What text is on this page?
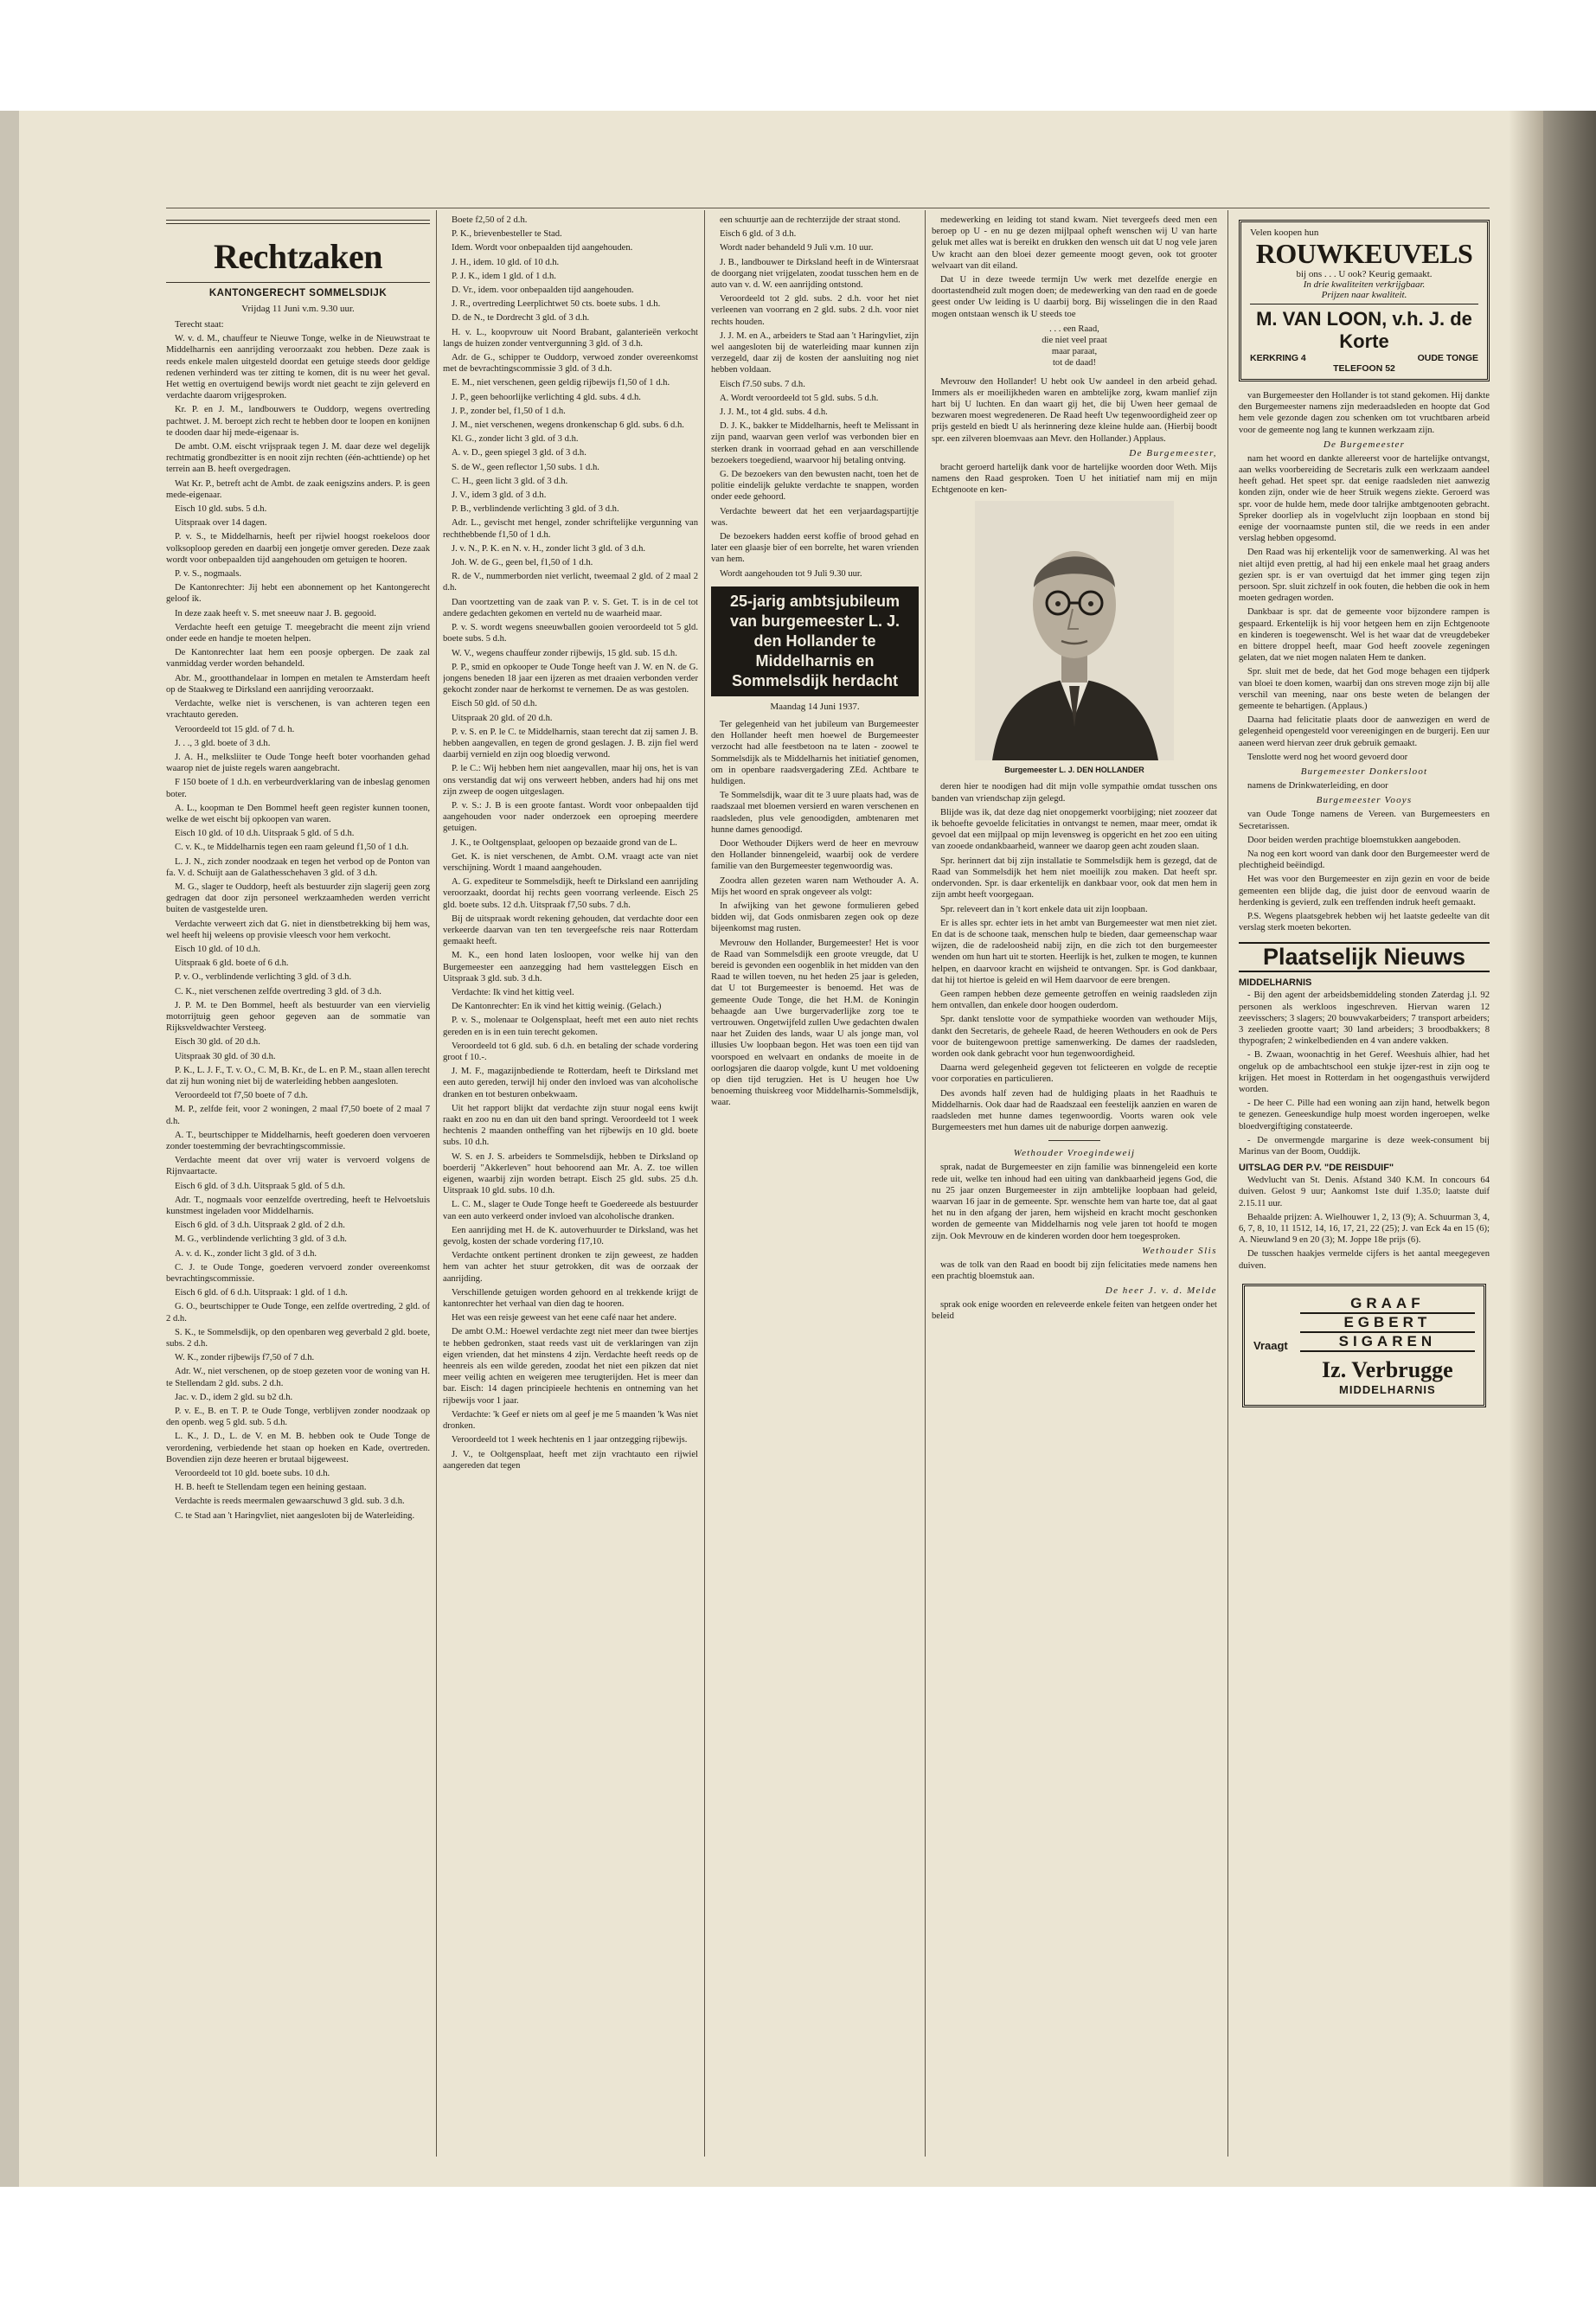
Rechtzaken
KANTONGERECHT SOMMELSDIJK
Vrijdag 11 Juni v.m. 9.30 uur.

Terecht staat:

W. v. d. M., chauffeur te Nieuwe Tonge, welke in de Nieuwstraat te Middelharnis een aanrijding veroorzaakt zou hebben. Deze zaak is reeds enkele malen uitgesteld doordat een getuige steeds door geldige redenen verhinderd was ter zitting te komen, dit is nu weer het geval. Het wettig en overtuigend bewijs wordt niet geacht te zijn geleverd en verdachte daarom vrijgesproken.

Kr. P. en J. M., landbouwers te Ouddorp, wegens overtreding pachtwet. J. M. beroept zich recht te hebben door te loopen en konijnen te dooden daar hij mede-eigenaar is.

De ambt. O.M. eischt vrijspraak tegen J. M. daar deze wel degelijk rechtmatig grondbezitter is en nooit zijn rechten (één-achttiende) op het terrein aan B. heeft overgedragen.

Wat Kr. P., betreft acht de Ambt. de zaak eenigszins anders. P. is geen mede-eigenaar.

Eisch 10 gld. subs. 5 d.h.

Uitspraak over 14 dagen.

P. v. S., te Middelharnis, heeft per rijwiel hoogst roekeloos door volksoploop gereden en daarbij een jongetje omver gereden. Deze zaak wordt voor onbepaalden tijd aangehouden om getuigen te hooren.

P. v. S., nogmaals.

De Kantonrechter: Jij hebt een abonnement op het Kantongerecht geloof ik.

In deze zaak heeft v. S. met sneeuw naar J. B. gegooid.

Verdachte heeft een getuige T. meegebracht die meent zijn vriend onder eede en handje te moeten helpen.

De Kantonrechter laat hem een poosje opbergen. De zaak zal vanmiddag verder worden behandeld.

Abr. M., grootthandelaar in lompen en metalen te Amsterdam heeft op de Staakweg te Dirksland een aanrijding veroorzaakt.

Verdachte, welke niet is verschenen, is van achteren tegen een vrachtauto gereden.

Veroordeeld tot 15 gld. of 7 d. h.

J. . ., 3 gld. boete of 3 d.h.

J. A. H., melksliiter te Oude Tonge heeft boter voorhanden gehad waarop niet de juiste regels waren aangebracht.

F 150 boete of 1 d.h. en verbeurdverklaring van de inbeslag genomen boter.

A. L., koopman te Den Bommel heeft geen register kunnen toonen, welke de wet eischt bij opkoopen van waren.

Eisch 10 gld. of 10 d.h. Uitspraak 5 gld. of 5 d.h.

C. v. K., te Middelharnis tegen een raam geleund f1,50 of 1 d.h.

L. J. N., zich zonder noodzaak en tegen het verbod op de Ponton van fa. V. d. Schuijt aan de Galathesschehaven 3 gld. of 3 d.h.

M. G., slager te Ouddorp, heeft als bestuurder zijn slagerij geen zorg gedragen dat door zijn personeel werkzaamheden werden verricht buiten de vastgestelde uren.

Verdachte verweert zich dat G. niet in dienstbetrekking bij hem was, wel heeft hij weleens op provisie vleesch voor hem verkocht.

Eisch 10 gld. of 10 d.h.

Uitspraak 6 gld. boete of 6 d.h.

P. v. O., verblindende verlichting 3 gld. of 3 d.h.

C. K., niet verschenen zelfde overtreding 3 gld. of 3 d.h.

J. P. M. te Den Bommel, heeft als bestuurder van een viervielig motorrijtuig geen gehoor gegeven aan de sommatie van Rijksveldwachter Versteeg.

Eisch 30 gld. of 20 d.h.

Uitspraak 30 gld. of 30 d.h.

P. K., L. J. F., T. v. O., C. M, B. Kr., de L. en P. M., staan allen terecht dat zij hun woning niet bij de waterleiding hebben aangesloten.

Veroordeeld tot f7,50 boete of 7 d.h.

M. P., zelfde feit, voor 2 woningen, 2 maal f7,50 boete of 2 maal 7 d.h.

A. T., beurtschipper te Middelharnis, heeft goederen doen vervoeren zonder toestemming der bevrachtingscommissie.

Verdachte meent dat over vrij water is vervoerd volgens de Rijnvaartacte.

Eisch 6 gld. of 3 d.h. Uitspraak 5 gld. of 5 d.h.

Adr. T., nogmaals voor eenzelfde overtreding, heeft te Helvoetsluis kunstmest ingeladen voor Middelharnis.

Eisch 6 gld. of 3 d.h. Uitspraak 2 gld. of 2 d.h.

M. G., verblindende verlichting 3 gld. of 3 d.h.

A. v. d. K., zonder licht 3 gld. of 3 d.h.

C. J. te Oude Tonge, goederen vervoerd zonder overeenkomst bevrachtingscommissie.

Eisch 6 gld. of 6 d.h. Uitspraak: 1 gld. of 1 d.h.

G. O., beurtschipper te Oude Tonge, een zelfde overtreding, 2 gld. of 2 d.h.

S. K., te Sommelsdijk, op den openbaren weg geverbald 2 gld. boete, subs. 2 d.h.

W. K., zonder rijbewijs f7,50 of 7 d.h.

Adr. W., niet verschenen, op de stoep gezeten voor de woning van H. te Stellendam 2 gld. subs. 2 d.h.

Jac. v. D., idem 2 gld. su b2 d.h.

P. v. E., B. en T. P. te Oude Tonge, verblijven zonder noodzaak op den openb. weg 5 gld. sub. 5 d.h.

L. K., J. D., L. de V. en M. B. hebben ook te Oude Tonge de verordening, verbiedende het staan op hoeken en Kade, overtreden. Bovendien zijn deze heeren er brutaal bijgeweest.

Veroordeeld tot 10 gld. boete subs. 10 d.h.

H. B. heeft te Stellendam tegen een heining gestaan.

Verdachte is reeds meermalen gewaarschuwd 3 gld. sub. 3 d.h.

C. te Stad aan 't Haringvliet, niet aangesloten bij de Waterleiding.

Boete f2,50 of 2 d.h.

P. K., brievenbesteller te Stad.

Idem. Wordt voor onbepaalden tijd aangehouden.

J. H., idem. 10 gld. of 10 d.h.

P. J. K., idem 1 gld. of 1 d.h.

D. Vr., idem. voor onbepaalden tijd aangehouden.

J. R., overtreding Leerplichtwet 50 cts. boete subs. 1 d.h.

D. de N., te Dordrecht 3 gld. of 3 d.h.

H. v. L., koopvrouw uit Noord Brabant, galanterieën verkocht langs de huizen zonder ventvergunning 3 gld. of 3 d.h.

Adr. de G., schipper te Ouddorp, verwoed zonder overeenkomst met de bevrachtingscommissie 3 gld. of 3 d.h.

E. M., niet verschenen, geen geldig rijbewijs f1,50 of 1 d.h.

J. P., geen behoorlijke verlichting 4 gld. subs. 4 d.h.

J. P., zonder bel, f1,50 of 1 d.h.

J. M., niet verschenen, wegens dronkenschap 6 gld. subs. 6 d.h.

Kl. G., zonder licht 3 gld. of 3 d.h.

A. v. D., geen spiegel 3 gld. of 3 d.h.

S. de W., geen reflector 1,50 subs. 1 d.h.

C. H., geen licht 3 gld. of 3 d.h.

J. V., idem 3 gld. of 3 d.h.

P. B., verblindende verlichting 3 gld. of 3 d.h.

Adr. L., gevischt met hengel, zonder schriftelijke vergunning van rechthebbende f1,50 of 1 d.h.

J. v. N., P. K. en N. v. H., zonder licht 3 gld. of 3 d.h.

Joh. W. de G., geen bel, f1,50 of 1 d.h.

R. de V., nummerborden niet verlicht, tweemaal 2 gld. of 2 maal 2 d.h.

Dan voortzetting van de zaak van P. v. S. Get. T. is in de cel tot andere gedachten gekomen en verteld nu de waarheid maar.

P. v. S. wordt wegens sneeuwballen gooien veroordeeld tot 5 gld. boete subs. 5 d.h.

W. V., wegens chauffeur zonder rijbewijs, 15 gld. sub. 15 d.h.

P. P., smid en opkooper te Oude Tonge heeft van J. W. en N. de G. jongens beneden 18 jaar een ijzeren as met draaien verbonden verder gekocht zonder naar de herkomst te vernemen. De as was gestolen.

Eisch 50 gld. of 50 d.h.

Uitspraak 20 gld. of 20 d.h.

P. v. S. en P. le C. te Middelharnis, staan terecht dat zij samen J. B. hebben aangevallen, en tegen de grond geslagen. J. B. zijn fiel werd daarbij vernield en zijn oog bloedig verwond.

P. le C.: Wij hebben hem niet aangevallen, maar hij ons, het is van ons verstandig dat wij ons verweert hebben, anders had hij ons met zijn zweep de oogen uitgeslagen.

P. v. S.: J. B is een groote fantast. Wordt voor onbepaalden tijd aangehouden voor nader onderzoek een oproeping meerdere getuigen.

J. K., te Ooltgensplaat, geloopen op bezaaide grond van de L.

Get. K. is niet verschenen, de Ambt. O.M. vraagt acte van niet verschijning. Wordt 1 maand aangehouden.

A. G. expediteur te Sommelsdijk, heeft te Dirksland een aanrijding veroorzaakt, doordat hij rechts geen voorrang verleende. Eisch 25 gld. boete subs. 12 d.h. Uitspraak f7,50 subs. 7 d.h.

Bij de uitspraak wordt rekening gehouden, dat verdachte door een verkeerde daarvan van ten ten tevergeefsche reis naar Rotterdam gemaakt heeft.

M. K., een hond laten losloopen, voor welke hij van den Burgemeester een aanzegging had hem vastteleggen Eisch en Uitspraak 3 gld. sub. 3 d.h.

Verdachte: Ik vind het kittig veel.

De Kantonrechter: En ik vind het kittig weinig. (Gelach.)

P. v. S., molenaar te Oolgensplaat, heeft met een auto niet rechts gereden en is in een tuin terecht gekomen.

Veroordeeld tot 6 gld. sub. 6 d.h. en betaling der schade vordering groot f 10.-.

J. M. F., magazijnbediende te Rotterdam, heeft te Dirksland met een auto gereden, terwijl hij onder den invloed was van alcoholische dranken en tot besturen onbekwaam.

Uit het rapport blijkt dat verdachte zijn stuur nogal eens kwijt raakt en zoo nu en dan uit den band springt. Veroordeeld tot 1 week hechtenis 2 maanden ontheffing van het rijbewijs en 10 gld. boete subs. 10 d.h.

W. S. en J. S. arbeiders te Sommelsdijk, hebben te Dirksland op boerderij "Akkerleven" hout behoorend aan Mr. A. Z. toe willen eigenen, waarbij zijn worden betrapt. Eisch 25 gld. subs. 25 d.h. Uitspraak 10 gld. subs. 10 d.h.

L. C. M., slager te Oude Tonge heeft te Goedereede als bestuurder van een auto verkeerd onder invloed van alcoholische dranken.

Een aanrijding met H. de K. autoverhuurder te Dirksland, was het gevolg, kosten der schade vordering f17,10.

Verdachte ontkent pertinent dronken te zijn geweest, ze hadden hem van achter het stuur getrokken, dit was de oorzaak der aanrijding.

Verschillende getuigen worden gehoord en al trekkende krijgt de kantonrechter het verhaal van dien dag te hooren.

Het was een reisje geweest van het eene café naar het andere.

De ambt O.M.: Hoewel verdachte zegt niet meer dan twee biertjes te hebben gedronken, staat reeds vast uit de verklaringen van zijn eigen vrienden, dat het minstens 4 zijn. Verdachte heeft reeds op de heenreis als een wilde gereden, zoodat het niet een pikzen dat niet meer veilig achten en weigeren mee terugterijden. Het is meer dan bar. Eisch: 14 dagen principieele hechtenis en ontneming van het rijbewijs voor 1 jaar.

Verdachte: 'k Geef er niets om al geef je me 5 maanden 'k Was niet dronken.

Veroordeeld tot 1 week hechtenis en 1 jaar ontzegging rijbewijs.

J. V., te Ooltgensplaat, heeft met zijn vrachtauto een rijwiel aangereden dat tegen

een schuurtje aan de rechterzijde der straat stond.

Eisch 6 gld. of 3 d.h.

Wordt nader behandeld 9 Juli v.m. 10 uur.

J. B., landbouwer te Dirksland heeft in de Wintersraat de doorgang niet vrijgelaten, zoodat tusschen hem en de auto van v. d. W. een aanrijding ontstond.

Veroordeeld tot 2 gld. subs. 2 d.h. voor het niet verleenen van voorrang en 2 gld. subs. 2 d.h. voor niet rechts houden.

J. J. M. en A., arbeiders te Stad aan 't Haringvliet, zijn wel aangesloten bij de waterleiding maar kunnen zijn verzegeld, daar zij de kosten der aansluiting nog niet hebben voldaan.

Eisch f7.50 subs. 7 d.h.

A. Wordt veroordeeld tot 5 gld. subs. 5 d.h.

J. J. M., tot 4 gld. subs. 4 d.h.

D. J. K., bakker te Middelharnis, heeft te Melissant in zijn pand, waarvan geen verlof was verbonden bier en sterken drank in voorraad gehad en aan verschillende bezoekers toegediend, waarvoor hij betaling ontving.

G. De bezoekers van den bewusten nacht, toen het de politie eindelijk gelukte verdachte te snappen, worden onder eede gehoord.

Verdachte beweert dat het een verjaardagspartijtje was.

De bezoekers hadden eerst koffie of brood gehad en later een glaasje bier of een borrelte, het waren vrienden van hem.

Wordt aangehouden tot 9 Juli 9.30 uur.

25-jarig ambtsjubileum van burgemeester L. J. den Hollander te Middelharnis en Sommelsdijk herdacht
Maandag 14 Juni 1937.

Ter gelegenheid van het jubileum van Burgemeester den Hollander heeft men hoewel de Burgemeester verzocht had alle feestbetoon na te laten - zoowel te Sommelsdijk als te Middelharnis het initiatief genomen, om in openbare raadsvergadering ZEd. Achtbare te huldigen.

Te Sommelsdijk, waar dit te 3 uure plaats had, was de raadszaal met bloemen versierd en waren verschenen en raadsleden, plus vele genoodigden, ambtenaren met hunne dames genoodigd.

Door Wethouder Dijkers werd de heer en mevrouw den Hollander binnengeleid, waarbij ook de verdere familie van den Burgemeester tegenwoordig was.

Zoodra allen gezeten waren nam Wethouder A. A. Mijs het woord en sprak ongeveer als volgt:

In afwijking van het gewone formulieren gebed bidden wij, dat Gods onmisbaren zegen ook op deze bijeenkomst mag rusten.

Mevrouw den Hollander, Burgemeester! Het is voor de Raad van Sommelsdijk een groote vreugde, dat U bereid is gevonden een oogenblik in het midden van den Raad te willen toeven, nu het heden 25 jaar is geleden, dat U tot Burgemeester is benoemd. Het was de gemeente Oude Tonge, die het H.M. de Koningin behaagde aan Uwe burgervaderlijke zorg toe te vertrouwen. Ongetwijfeld zullen Uwe gedachten dwalen naar het Zuiden des lands, waar U als jonge man, vol illusies Uw loopbaan begon. Het was toen een tijd van voorspoed en welvaart en ondanks de moeite in de oorlogsjaren die daarop volgde, kunt U met voldoening op dien tijd terugzien. Het is U heugen hoe Uw benoeming thuiskreeg voor Middelharnis-Sommelsdijk, waar.

medewerking en leiding tot stand kwam. Niet tevergeefs deed men een beroep op U - en nu ge dezen mijlpaal opheft wenschen wij U van harte geluk met alles wat is bereikt en drukken den wensch uit dat U nog vele jaren Uw kracht aan den bloei dezer gemeente moogt geven, ook tot grooter welvaart van dit eiland.

Dat U in deze tweede termijn Uw werk met dezelfde energie en doortastendheid zult mogen doen; de medewerking van den raad en de goede geest onder Uw leiding is U daarbij borg. Bij wisselingen die in den Raad mogen ontstaan wensch ik U steeds toe

. . . een Raad,
die niet veel praat
maar paraat,
tot de daad!

Mevrouw den Hollander! U hebt ook Uw aandeel in den arbeid gehad. Immers als er moeilijkheden waren en ambtelijke zorg, kwam manlief zijn hart bij U luchten. En dan waart gij het, die bij Uwen heer gemaal de bezwaren moest wegredeneren. De Raad heeft Uw tegenwoordigheid zeer op prijs gesteld en biedt U als herinnering deze kleine hulde aan. (Hierbij boodt spr. een zilveren bloemvaas aan Mevr. den Hollander.) Applaus.

De Burgemeester,

bracht geroerd hartelijk dank voor de hartelijke woorden door Weth. Mijs namens den Raad gesproken. Toen U het initiatief nam mij en mijn Echtgenoote en ken-

Burgemeester L. J. DEN HOLLANDER

deren hier te noodigen had dit mijn volle sympathie omdat tusschen ons banden van vriendschap zijn gelegd.

Blijde was ik, dat deze dag niet onopgemerkt voorbijging; niet zoozeer dat ik behoefte gevoelde felicitaties in ontvangst te nemen, maar meer, omdat ik gevoel dat een mijlpaal op mijn levensweg is opgericht en het zoo een uiting van zooede ondankbaarheid, wanneer we daarop geen acht zouden slaan.

Spr. herinnert dat bij zijn installatie te Sommelsdijk hem is gezegd, dat de Raad van Sommelsdijk het hem niet moeilijk zou maken. Dat heeft spr. ondervonden. Spr. is daar erkentelijk en dankbaar voor, ook dat men hem in zijn ambt heeft voorgegaan.

Spr. releveert dan in 't kort enkele data uit zijn loopbaan.

Er is alles spr. echter iets in het ambt van Burgemeester wat men niet ziet. En dat is de schoone taak, menschen hulp te bieden, daar gemeenschap waar wijzen, die de radeloosheid nabij zijn, en die zich tot den burgemeester wenden om hun hart uit te storten. Heerlijk is het, zulken te mogen, te kunnen helpen, en daarvoor kracht en wijsheid te ontvangen. Spr. is God dankbaar, dat hij tot hiertoe is geleid en wil Hem daarvoor de eere brengen.

Geen rampen hebben deze gemeente getroffen en weinig raadsleden zijn hem ontvallen, dan enkele door hoogen ouderdom.

Spr. dankt tenslotte voor de sympathieke woorden van wethouder Mijs, dankt den Secretaris, de geheele Raad, de heeren Wethouders en ook de Pers voor de buitengewoon prettige samenwerking. De dames der raadsleden, worden ook dank gebracht voor hun tegenwoordigheid.

Daarna werd gelegenheid gegeven tot felicteeren en volgde de receptie voor corporaties en particulieren.

Des avonds half zeven had de huldiging plaats in het Raadhuis te Middelharnis. Ook daar had de Raadszaal een feestelijk aanzien en waren de raadsleden met hunne dames tegenwoordig. Voorts waren ook vele Burgemeesters met hun dames uit de naburige dorpen aanwezig.

Wethouder Vroegindeweij

sprak, nadat de Burgemeester en zijn familie was binnengeleid een korte rede uit, welke ten inhoud had een uiting van dankbaarheid jegens God, die nu 25 jaar onzen Burgemeester in zijn ambtelijke loopbaan had geleid, waarvan 16 jaar in de gemeente. Spr. wenschte hem van harte toe, dat al gaat het nu in den afgang der jaren, hem wijsheid en kracht mocht geschonken worden de gemeente van Middelharnis nog vele jaren tot hoofd te mogen zijn. Ook Mevrouw en de kinderen worden door hem toegesproken.

Wethouder Slis

was de tolk van den Raad en boodt bij zijn felicitaties mede namens hen een prachtig bloemstuk aan.

De heer J. v. d. Melde

sprak ook enige woorden en releveerde enkele feiten van hetgeen onder het beleid

Velen koopen hun
ROUWKEUVELS
bij ons . . . U ook? Keurig gemaakt.
In drie kwaliteiten verkrijgbaar.
Prijzen naar kwaliteit.
M. VAN LOON, v.h. J. de Korte
KERKRING 4	OUDE TONGE
TELEFOON 52

van Burgemeester den Hollander is tot stand gekomen. Hij dankte den Burgemeester namens zijn mederaadsleden en hoopte dat God hem vele gezonde dagen zou schenken om tot vruchtbaren arbeid voor de gemeente nog lang te kunnen werkzaam zijn.

De Burgemeester

nam het woord en dankte allereerst voor de hartelijke ontvangst, aan welks voorbereiding de Secretaris zulk een werkzaam aandeel heeft gehad. Het speet spr. dat eenige raadsleden niet aanwezig konden zijn, onder wie de heer Struik wegens ziekte. Geroerd was spr. voor de hulde hem, mede door talrijke ambtgenooten gebracht. Spreker doorliep als in vogelvlucht zijn loopbaan en stond bij eenige der voornaamste punten stil, die we reeds in een ander verslag hebben opgesomd.

Den Raad was hij erkentelijk voor de samenwerking. Al was het niet altijd even prettig, al had hij een enkele maal het graag anders gezien spr. is er van overtuigd dat het immer ging tegen zijn persoon. Spr. sluit zichzelf in ook fouten, die hebben die ook in hem moeten gedragen worden.

Dankbaar is spr. dat de gemeente voor bijzondere rampen is gespaard. Erkentelijk is hij voor hetgeen hem en zijn Echtgenoote en kinderen is toegewenscht. Wel is het waar dat de vreugdebeker en bittere droppel heeft, maar God heeft zoovele zegeningen gelaten, dat we niet mogen nalaten Hem te danken.

Spr. sluit met de bede, dat het God moge behagen een tijdperk van bloei te doen komen, waarbij dan ons streven moge zijn bij alle verschil van meening, naar ons beste weten de belangen der gemeente te behartigen. (Applaus.)

Daarna had felicitatie plaats door de aanwezigen en werd de gelegenheid opengesteld voor vereenigingen en de burgerij. Een uur aaneen werd hiervan zeer druk gebruik gemaakt.

Tenslotte werd nog het woord gevoerd door

Burgemeester Donkersloot

namens de Drinkwaterleiding, en door

Burgemeester Vooys

van Oude Tonge namens de Vereen. van Burgemeesters en Secretarissen.

Door beiden werden prachtige bloemstukken aangeboden.

Na nog een kort woord van dank door den Burgemeester werd de plechtigheid beëindigd.

Het was voor den Burgemeester en zijn gezin en voor de beide gemeenten een blijde dag, die juist door de eenvoud waarin de herdenking is gevierd, zulk een treffenden indruk heeft gemaakt.

P.S. Wegens plaatsgebrek hebben wij het laatste gedeelte van dit verslag sterk moeten bekorten.

Plaatselijk Nieuws
MIDDELHARNIS

- Bij den agent der arbeidsbemiddeling stonden Zaterdag j.l. 92 personen als werkloos ingeschreven. Hiervan waren 12 zeevisschers; 3 slagers; 20 bouwvakarbeiders; 7 transport arbeiders; 3 zeelieden grootte vaart; 30 land arbeiders; 3 broodbakkers; 8 thypografen; 2 winkelbedienden en 4 van andere vakken.

- B. Zwaan, woonachtig in het Geref. Weeshuis alhier, had het ongeluk op de ambachtschool een stukje ijzer-rest in zijn oog te krijgen. Het moest in Rotterdam in het oogengasthuis verwijderd worden.

- De heer C. Pille had een woning aan zijn hand, hetwelk begon te genezen. Geneeskundige hulp moest worden ingeroepen, welke bloedvergiftiging constateerde.

- De onvermengde margarine is deze week-consument bij Marinus van der Boom, Ouddijk.

UITSLAG DER P.V. "DE REISDUIF"

Wedvlucht van St. Denis. Afstand 340 K.M. In concours 64 duiven. Gelost 9 uur; Aankomst 1ste duif 1.35.0; laatste duif 2.15.11 uur.

Behaalde prijzen: A. Wielhouwer 1, 2, 13 (9); A. Schuurman 3, 4, 6, 7, 8, 10, 11 1512, 14, 16, 17, 21, 22 (25); J. van Eck 4a en 15 (6); A. Nieuwland 9 en 20 (3); M. Joppe 18e prijs (6).

De tusschen haakjes vermelde cijfers is het aantal meegegeven duiven.

Vraagt
GRAAF
EGBERT
SIGAREN
Iz. Verbrugge
MIDDELHARNIS
